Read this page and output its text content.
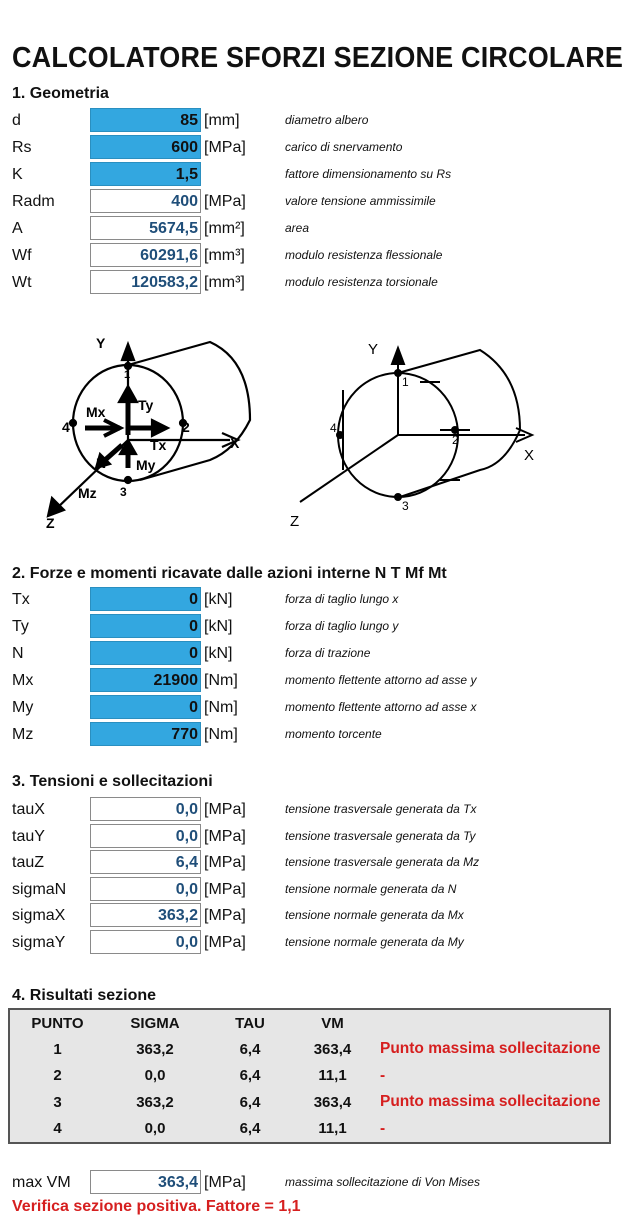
CALCOLATORE SFORZI SEZIONE CIRCOLARE
1. Geometria
d	85 [mm]	diametro albero
Rs	600 [MPa]	carico di snervamento
K	1,5	fattore dimensionamento su Rs
Radm	400 [MPa]	valore tensione ammissimile
A	5674,5 [mm²]	area
Wf	60291,6 [mm³]	modulo resistenza flessionale
Wt	120583,2 [mm³]	modulo resistenza torsionale
Y
X
Z
Mx Ty
Tx
N My
Mz
1
2
3
4
Y
X
Z
1
2
3
4
2. Forze e momenti ricavate dalle azioni interne N T Mf Mt
Tx	0 [kN]	forza di taglio lungo x
Ty	0 [kN]	forza di taglio lungo y
N	0 [kN]	forza di trazione
Mx	21900 [Nm]	momento flettente attorno ad asse y
My	0 [Nm]	momento flettente attorno ad asse x
Mz	770 [Nm]	momento torcente
3. Tensioni e sollecitazioni
tauX	0,0 [MPa]	tensione trasversale generata da Tx
tauY	0,0 [MPa]	tensione trasversale generata da Ty
tauZ	6,4 [MPa]	tensione trasversale generata da Mz
sigmaN	0,0 [MPa]	tensione normale generata da N
sigmaX	363,2 [MPa]	tensione normale generata da Mx
sigmaY	0,0 [MPa]	tensione normale generata da My
4. Risultati sezione
PUNTO	SIGMA	TAU	VM	
1	363,2	6,4	363,4	Punto massima sollecitazione
2	0,0	6,4	11,1	-
3	363,2	6,4	363,4	Punto massima sollecitazione
4	0,0	6,4	11,1	-
max VM	363,4 [MPa]	massima sollecitazione di Von Mises
Verifica sezione positiva. Fattore = 1,1
